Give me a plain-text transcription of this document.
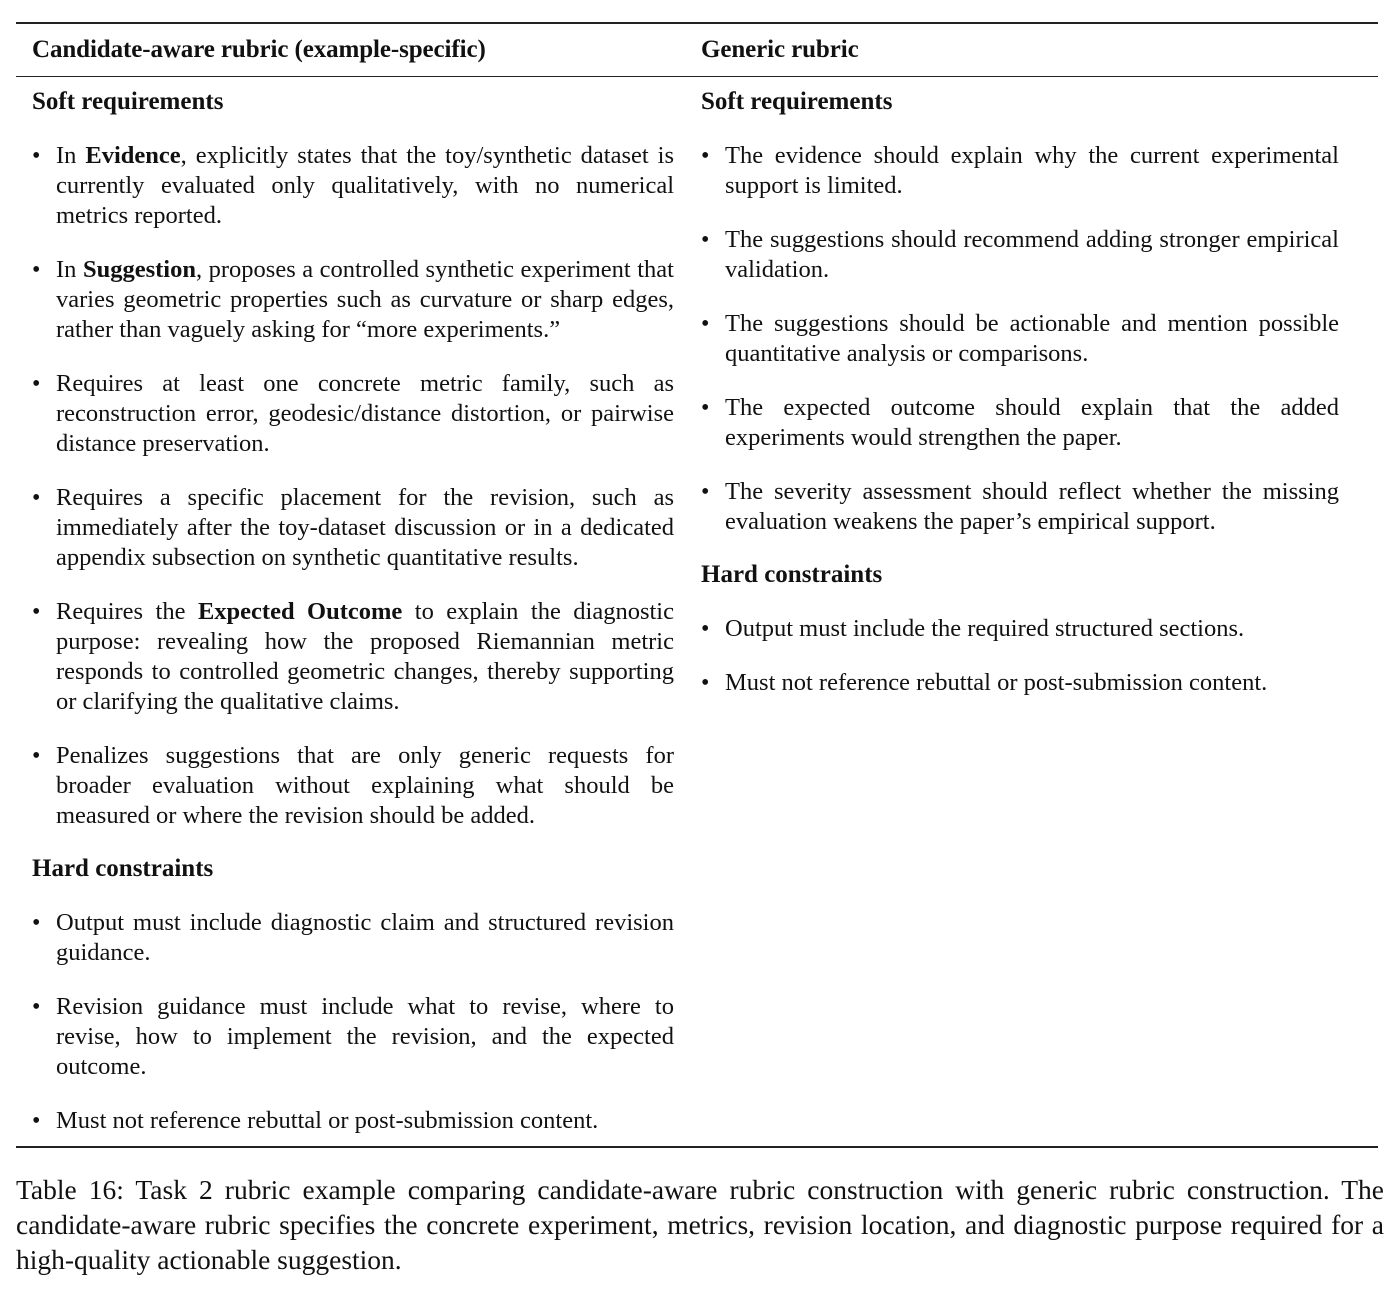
Candidate-aware rubric (example-specific)	Generic rubric
Soft requirements
• In Evidence, explicitly states that the toy/synthetic dataset is currently evaluated only qualitatively, with no numerical metrics reported.
• In Suggestion, proposes a controlled synthetic experiment that varies geometric properties such as curvature or sharp edges, rather than vaguely asking for “more experiments.”
• Requires at least one concrete metric family, such as reconstruction error, geodesic/distance distortion, or pairwise distance preservation.
• Requires a specific placement for the revision, such as immediately after the toy-dataset discussion or in a dedicated appendix subsection on synthetic quantitative results.
• Requires the Expected Outcome to explain the diagnostic purpose: revealing how the proposed Riemannian metric responds to controlled geometric changes, thereby supporting or clarifying the qualitative claims.
• Penalizes suggestions that are only generic requests for broader evaluation without explaining what should be measured or where the revision should be added.
Hard constraints
• Output must include diagnostic claim and structured revision guidance.
• Revision guidance must include what to revise, where to revise, how to implement the revision, and the expected outcome.
• Must not reference rebuttal or post-submission content.
Soft requirements
• The evidence should explain why the current experimental support is limited.
• The suggestions should recommend adding stronger empirical validation.
• The suggestions should be actionable and mention possible quantitative analysis or comparisons.
• The expected outcome should explain that the added experiments would strengthen the paper.
• The severity assessment should reflect whether the missing evaluation weakens the paper’s empirical support.
Hard constraints
• Output must include the required structured sections.
• Must not reference rebuttal or post-submission content.
Table 16: Task 2 rubric example comparing candidate-aware rubric construction with generic rubric construction. The candidate-aware rubric specifies the concrete experiment, metrics, revision location, and diagnostic purpose required for a high-quality actionable suggestion.
